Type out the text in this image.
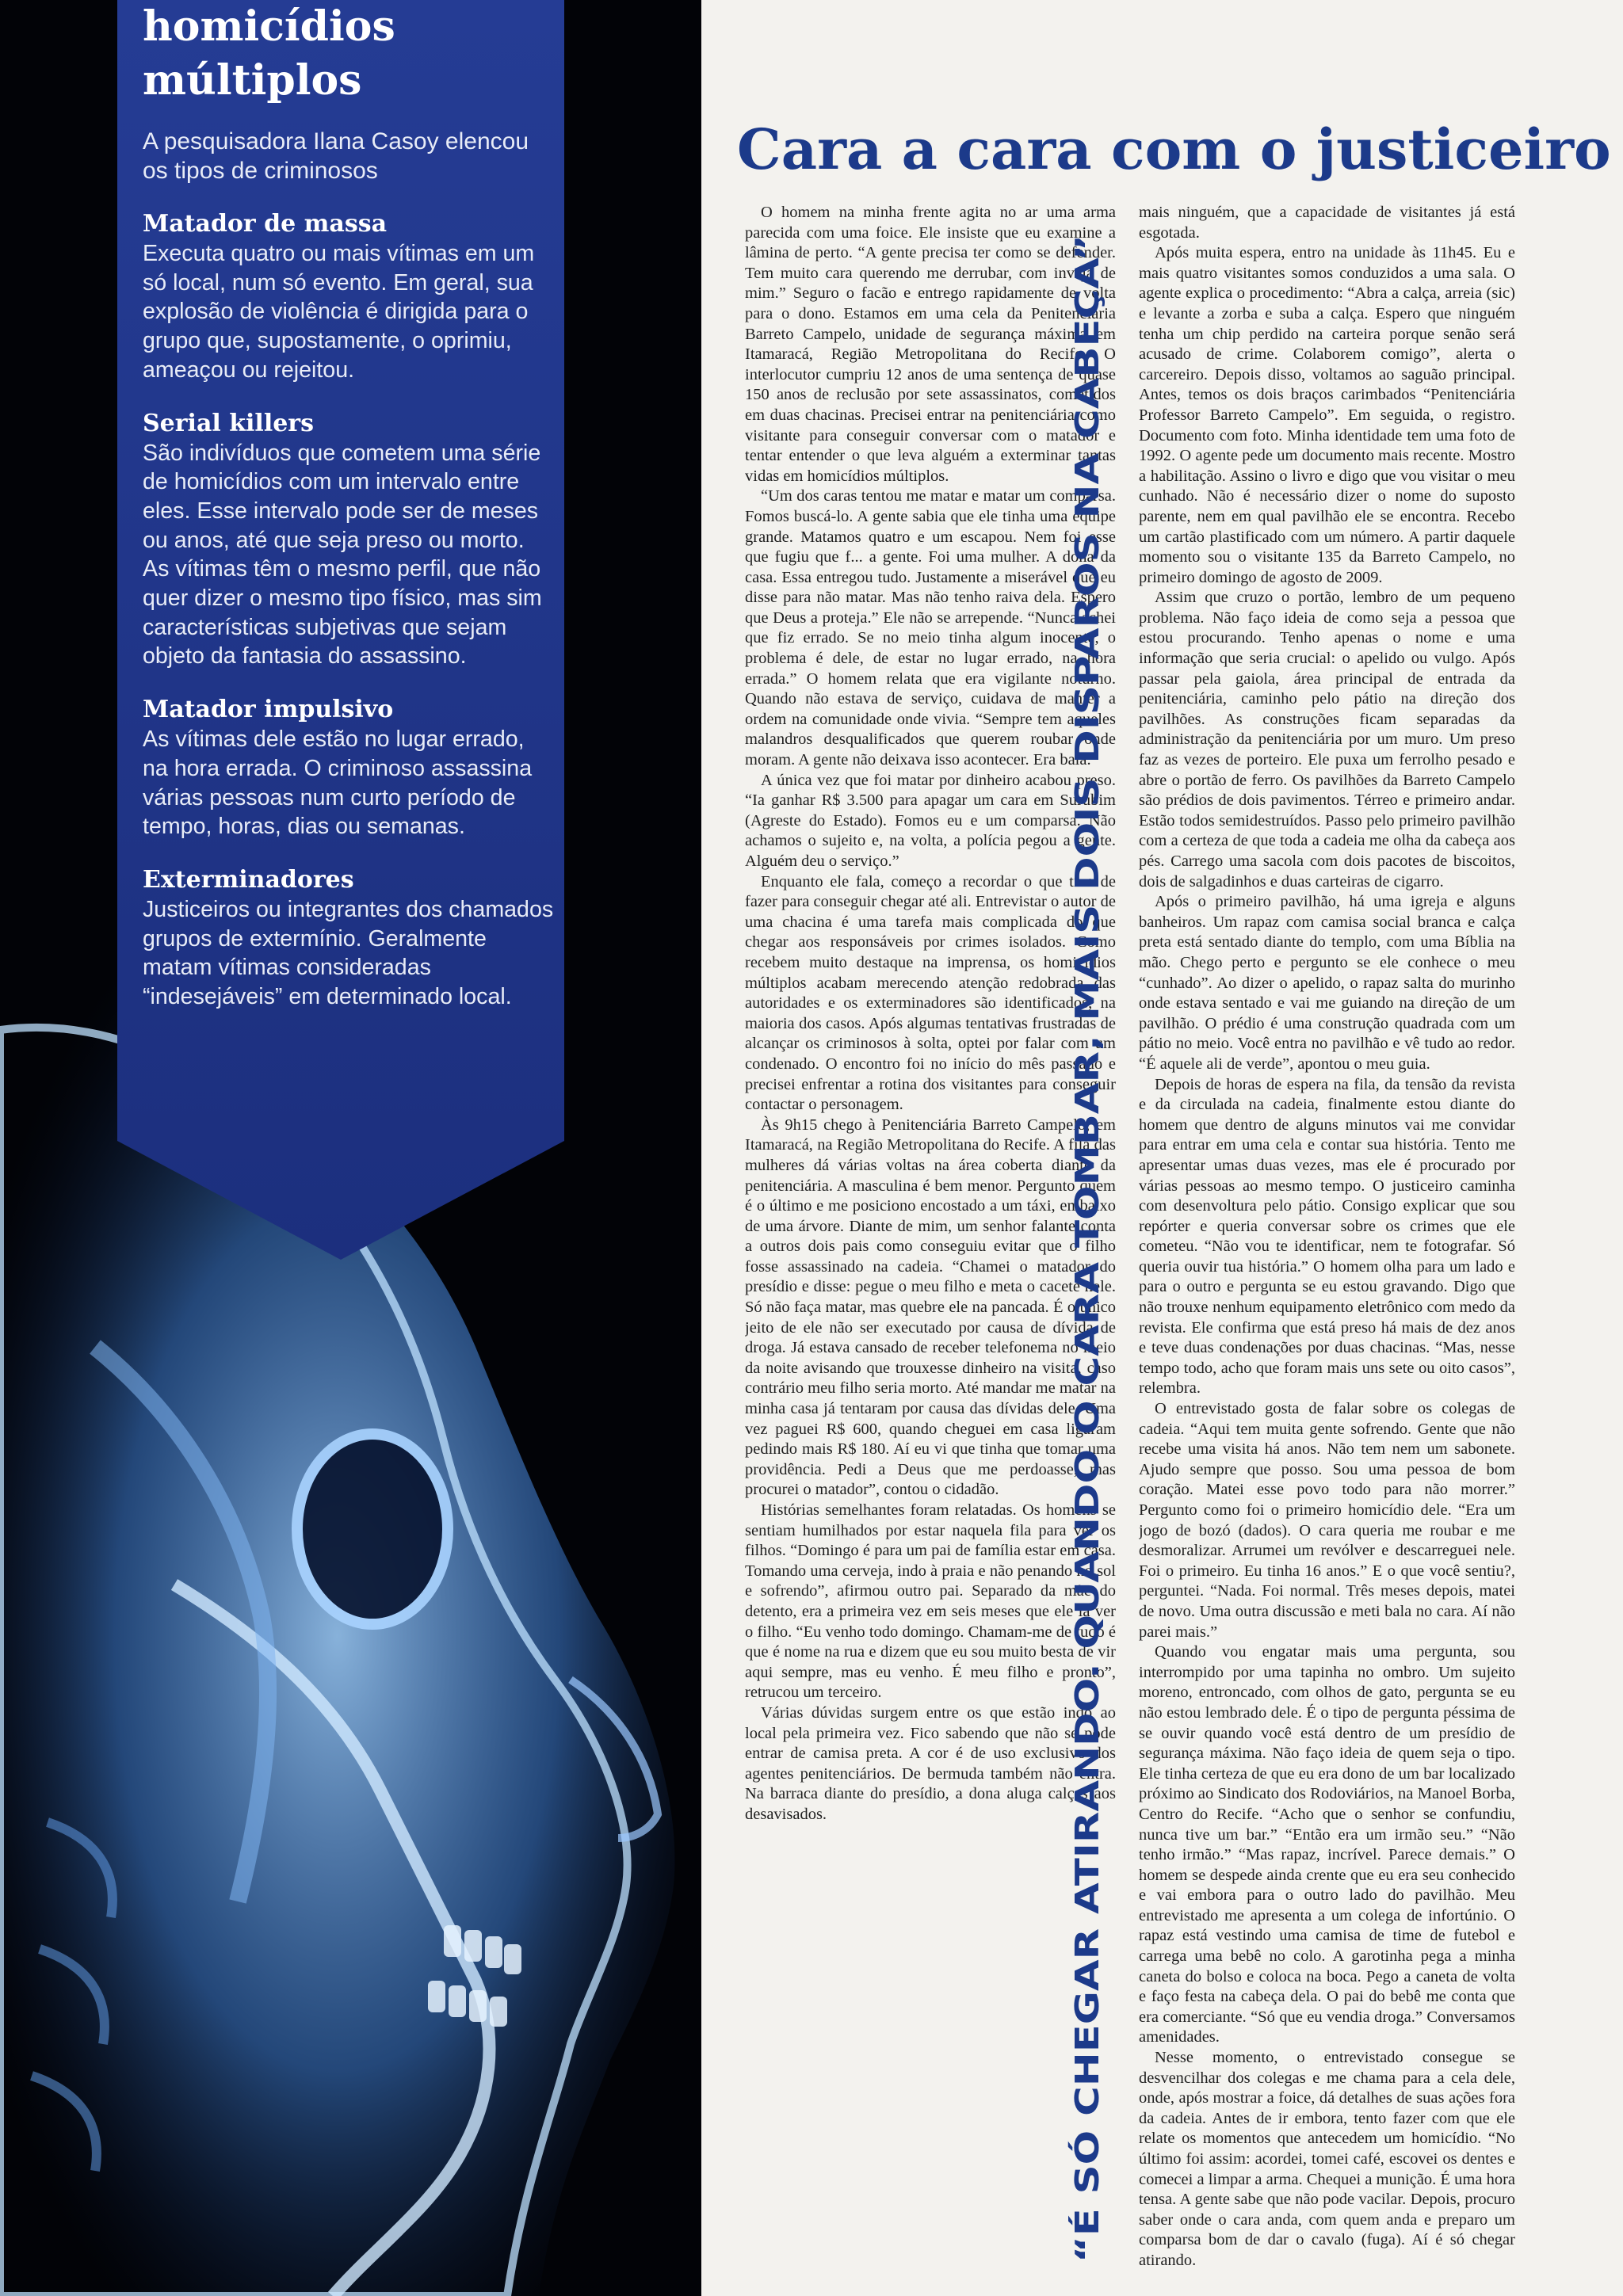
homicídios
múltiplos

A pesquisadora Ilana Casoy elencou os tipos de criminosos

Matador de massa

Executa quatro ou mais vítimas em um só local, num só evento. Em geral, sua explosão de violência é dirigida para o grupo que, supostamente, o oprimiu, ameaçou ou rejeitou.

Serial killers

São indivíduos que cometem uma série de homicídios com um intervalo entre eles. Esse intervalo pode ser de meses ou anos, até que seja preso ou morto. As vítimas têm o mesmo perfil, que não quer dizer o mesmo tipo físico, mas sim características subjetivas que sejam objeto da fantasia do assassino.

Matador impulsivo

As vítimas dele estão no lugar errado, na hora errada. O criminoso assassina várias pessoas num curto período de tempo, horas, dias ou semanas.

Exterminadores

Justiceiros ou integrantes dos chamados grupos de extermínio. Geralmente matam vítimas consideradas “indesejáveis” em determinado local.

Cara a cara com o justiceiro

O homem na minha frente agita no ar uma arma parecida com uma foice. Ele insiste que eu examine a lâmina de perto. “A gente precisa ter como se defender. Tem muito cara querendo me derrubar, com inveja de mim.” Seguro o facão e entrego rapidamente de volta para o dono. Estamos em uma cela da Penitenciária Barreto Campelo, unidade de segurança máxima em Itamaracá, Região Metropolitana do Recife. O interlocutor cumpriu 12 anos de uma sentença de quase 150 anos de reclusão por sete assassinatos, cometidos em duas chacinas. Precisei entrar na penitenciária como visitante para conseguir conversar com o matador e tentar entender o que leva alguém a exterminar tantas vidas em homicídios múltiplos.

“Um dos caras tentou me matar e matar um comparsa. Fomos buscá-lo. A gente sabia que ele tinha uma equipe grande. Matamos quatro e um escapou. Nem foi esse que fugiu que f... a gente. Foi uma mulher. A dona da casa. Essa entregou tudo. Justamente a miserável que eu disse para não matar. Mas não tenho raiva dela. Espero que Deus a proteja.” Ele não se arrepende. “Nunca achei que fiz errado. Se no meio tinha algum inocente, o problema é dele, de estar no lugar errado, na hora errada.” O homem relata que era vigilante noturno. Quando não estava de serviço, cuidava de manter a ordem na comunidade onde vivia. “Sempre tem aqueles malandros desqualificados que querem roubar onde moram. A gente não deixava isso acontecer. Era bala.”

A única vez que foi matar por dinheiro acabou preso. “Ia ganhar R$ 3.500 para apagar um cara em Surubim (Agreste do Estado). Fomos eu e um comparsa. Não achamos o sujeito e, na volta, a polícia pegou a gente. Alguém deu o serviço.”

Enquanto ele fala, começo a recordar o que tive de fazer para conseguir chegar até ali. Entrevistar o autor de uma chacina é uma tarefa mais complicada do que chegar aos responsáveis por crimes isolados. Como recebem muito destaque na imprensa, os homicídios múltiplos acabam merecendo atenção redobrada das autoridades e os exterminadores são identificados, na maioria dos casos. Após algumas tentativas frustradas de alcançar os criminosos à solta, optei por falar com um condenado. O encontro foi no início do mês passado e precisei enfrentar a rotina dos visitantes para conseguir contactar o personagem.

Às 9h15 chego à Penitenciária Barreto Campelo, em Itamaracá, na Região Metropolitana do Recife. A fila das mulheres dá várias voltas na área coberta diante da penitenciária. A masculina é bem menor. Pergunto quem é o último e me posiciono encostado a um táxi, embaixo de uma árvore. Diante de mim, um senhor falante conta a outros dois pais como conseguiu evitar que o filho fosse assassinado na cadeia. “Chamei o matador do presídio e disse: pegue o meu filho e meta o cacete nele. Só não faça matar, mas quebre ele na pancada. É o único jeito de ele não ser executado por causa de dívida de droga. Já estava cansado de receber telefonema no meio da noite avisando que trouxesse dinheiro na visita, caso contrário meu filho seria morto. Até mandar me matar na minha casa já tentaram por causa das dívidas dele. Uma vez paguei R$ 600, quando cheguei em casa ligaram pedindo mais R$ 180. Aí eu vi que tinha que tomar uma providência. Pedi a Deus que me perdoasse, mas procurei o matador”, contou o cidadão.

Histórias semelhantes foram relatadas. Os homens se sentiam humilhados por estar naquela fila para ver os filhos. “Domingo é para um pai de família estar em casa. Tomando uma cerveja, indo à praia e não penando no sol e sofrendo”, afirmou outro pai. Separado da mãe do detento, era a primeira vez em seis meses que ele ia ver o filho. “Eu venho todo domingo. Chamam-me de tudo é que é nome na rua e dizem que eu sou muito besta de vir aqui sempre, mas eu venho. É meu filho e pronto”, retrucou um terceiro.

Várias dúvidas surgem entre os que estão indo ao local pela primeira vez. Fico sabendo que não se pode entrar de camisa preta. A cor é de uso exclusivo dos agentes penitenciários. De bermuda também não entra. Na barraca diante do presídio, a dona aluga calças aos desavisados.	“É SÓ CHEGAR ATIRANDO. QUANDO O CARA TOMBAR, MAIS DOIS DISPAROS NA CABEÇA”

mais ninguém, que a capacidade de visitantes já está esgotada.

Após muita espera, entro na unidade às 11h45. Eu e mais quatro visitantes somos conduzidos a uma sala. O agente explica o procedimento: “Abra a calça, arreia (sic) e levante a zorba e suba a calça. Espero que ninguém tenha um chip perdido na carteira porque senão será acusado de crime. Colaborem comigo”, alerta o carcereiro. Depois disso, voltamos ao saguão principal. Antes, temos os dois braços carimbados “Penitenciária Professor Barreto Campelo”. Em seguida, o registro. Documento com foto. Minha identidade tem uma foto de 1992. O agente pede um documento mais recente. Mostro a habilitação. Assino o livro e digo que vou visitar o meu cunhado. Não é necessário dizer o nome do suposto parente, nem em qual pavilhão ele se encontra. Recebo um cartão plastificado com um número. A partir daquele momento sou o visitante 135 da Barreto Campelo, no primeiro domingo de agosto de 2009.

Assim que cruzo o portão, lembro de um pequeno problema. Não faço ideia de como seja a pessoa que estou procurando. Tenho apenas o nome e uma informação que seria crucial: o apelido ou vulgo. Após passar pela gaiola, área principal de entrada da penitenciária, caminho pelo pátio na direção dos pavilhões. As construções ficam separadas da administração da penitenciária por um muro. Um preso faz as vezes de porteiro. Ele puxa um ferrolho pesado e abre o portão de ferro. Os pavilhões da Barreto Campelo são prédios de dois pavimentos. Térreo e primeiro andar. Estão todos semidestruídos. Passo pelo primeiro pavilhão com a certeza de que toda a cadeia me olha da cabeça aos pés. Carrego uma sacola com dois pacotes de biscoitos, dois de salgadinhos e duas carteiras de cigarro.

Após o primeiro pavilhão, há uma igreja e alguns banheiros. Um rapaz com camisa social branca e calça preta está sentado diante do templo, com uma Bíblia na mão. Chego perto e pergunto se ele conhece o meu “cunhado”. Ao dizer o apelido, o rapaz salta do murinho onde estava sentado e vai me guiando na direção de um pavilhão. O prédio é uma construção quadrada com um pátio no meio. Você entra no pavilhão e vê tudo ao redor. “É aquele ali de verde”, apontou o meu guia.

Depois de horas de espera na fila, da tensão da revista e da circulada na cadeia, finalmente estou diante do homem que dentro de alguns minutos vai me convidar para entrar em uma cela e contar sua história. Tento me apresentar umas duas vezes, mas ele é procurado por várias pessoas ao mesmo tempo. O justiceiro caminha com desenvoltura pelo pátio. Consigo explicar que sou repórter e queria conversar sobre os crimes que ele cometeu. “Não vou te identificar, nem te fotografar. Só queria ouvir tua história.” O homem olha para um lado e para o outro e pergunta se eu estou gravando. Digo que não trouxe nenhum equipamento eletrônico com medo da revista. Ele confirma que está preso há mais de dez anos e teve duas condenações por duas chacinas. “Mas, nesse tempo todo, acho que foram mais uns sete ou oito casos”, relembra.

O entrevistado gosta de falar sobre os colegas de cadeia. “Aqui tem muita gente sofrendo. Gente que não recebe uma visita há anos. Não tem nem um sabonete. Ajudo sempre que posso. Sou uma pessoa de bom coração. Matei esse povo todo para não morrer.” Pergunto como foi o primeiro homicídio dele. “Era um jogo de bozó (dados). O cara queria me roubar e me desmoralizar. Arrumei um revólver e descarreguei nele. Foi o primeiro. Eu tinha 16 anos.” E o que você sentiu?, perguntei. “Nada. Foi normal. Três meses depois, matei de novo. Uma outra discussão e meti bala no cara. Aí não parei mais.”

Quando vou engatar mais uma pergunta, sou interrompido por uma tapinha no ombro. Um sujeito moreno, entroncado, com olhos de gato, pergunta se eu não estou lembrado dele. É o tipo de pergunta péssima de se ouvir quando você está dentro de um presídio de segurança máxima. Não faço ideia de quem seja o tipo. Ele tinha certeza de que eu era dono de um bar localizado próximo ao Sindicato dos Rodoviários, na Manoel Borba, Centro do Recife. “Acho que o senhor se confundiu, nunca tive um bar.” “Então era um irmão seu.” “Não tenho irmão.” “Mas rapaz, incrível. Parece demais.” O homem se despede ainda crente que eu era seu conhecido e vai embora para o outro lado do pavilhão. Meu entrevistado me apresenta a um colega de infortúnio. O rapaz está vestindo uma camisa de time de futebol e carrega uma bebê no colo. A garotinha pega a minha caneta do bolso e coloca na boca. Pego a caneta de volta e faço festa na cabeça dela. O pai do bebê me conta que era comerciante. “Só que eu vendia droga.” Conversamos amenidades.

Nesse momento, o entrevistado consegue se desvencilhar dos colegas e me chama para a cela dele, onde, após mostrar a foice, dá detalhes de suas ações fora da cadeia. Antes de ir embora, tento fazer com que ele relate os momentos que antecedem um homicídio. “No último foi assim: acordei, tomei café, escovei os dentes e comecei a limpar a arma. Chequei a munição. É uma hora tensa. A gente sabe que não pode vacilar. Depois, procuro saber onde o cara anda, com quem anda e preparo um comparsa bom de dar o cavalo (fuga). Aí é só chegar atirando.
